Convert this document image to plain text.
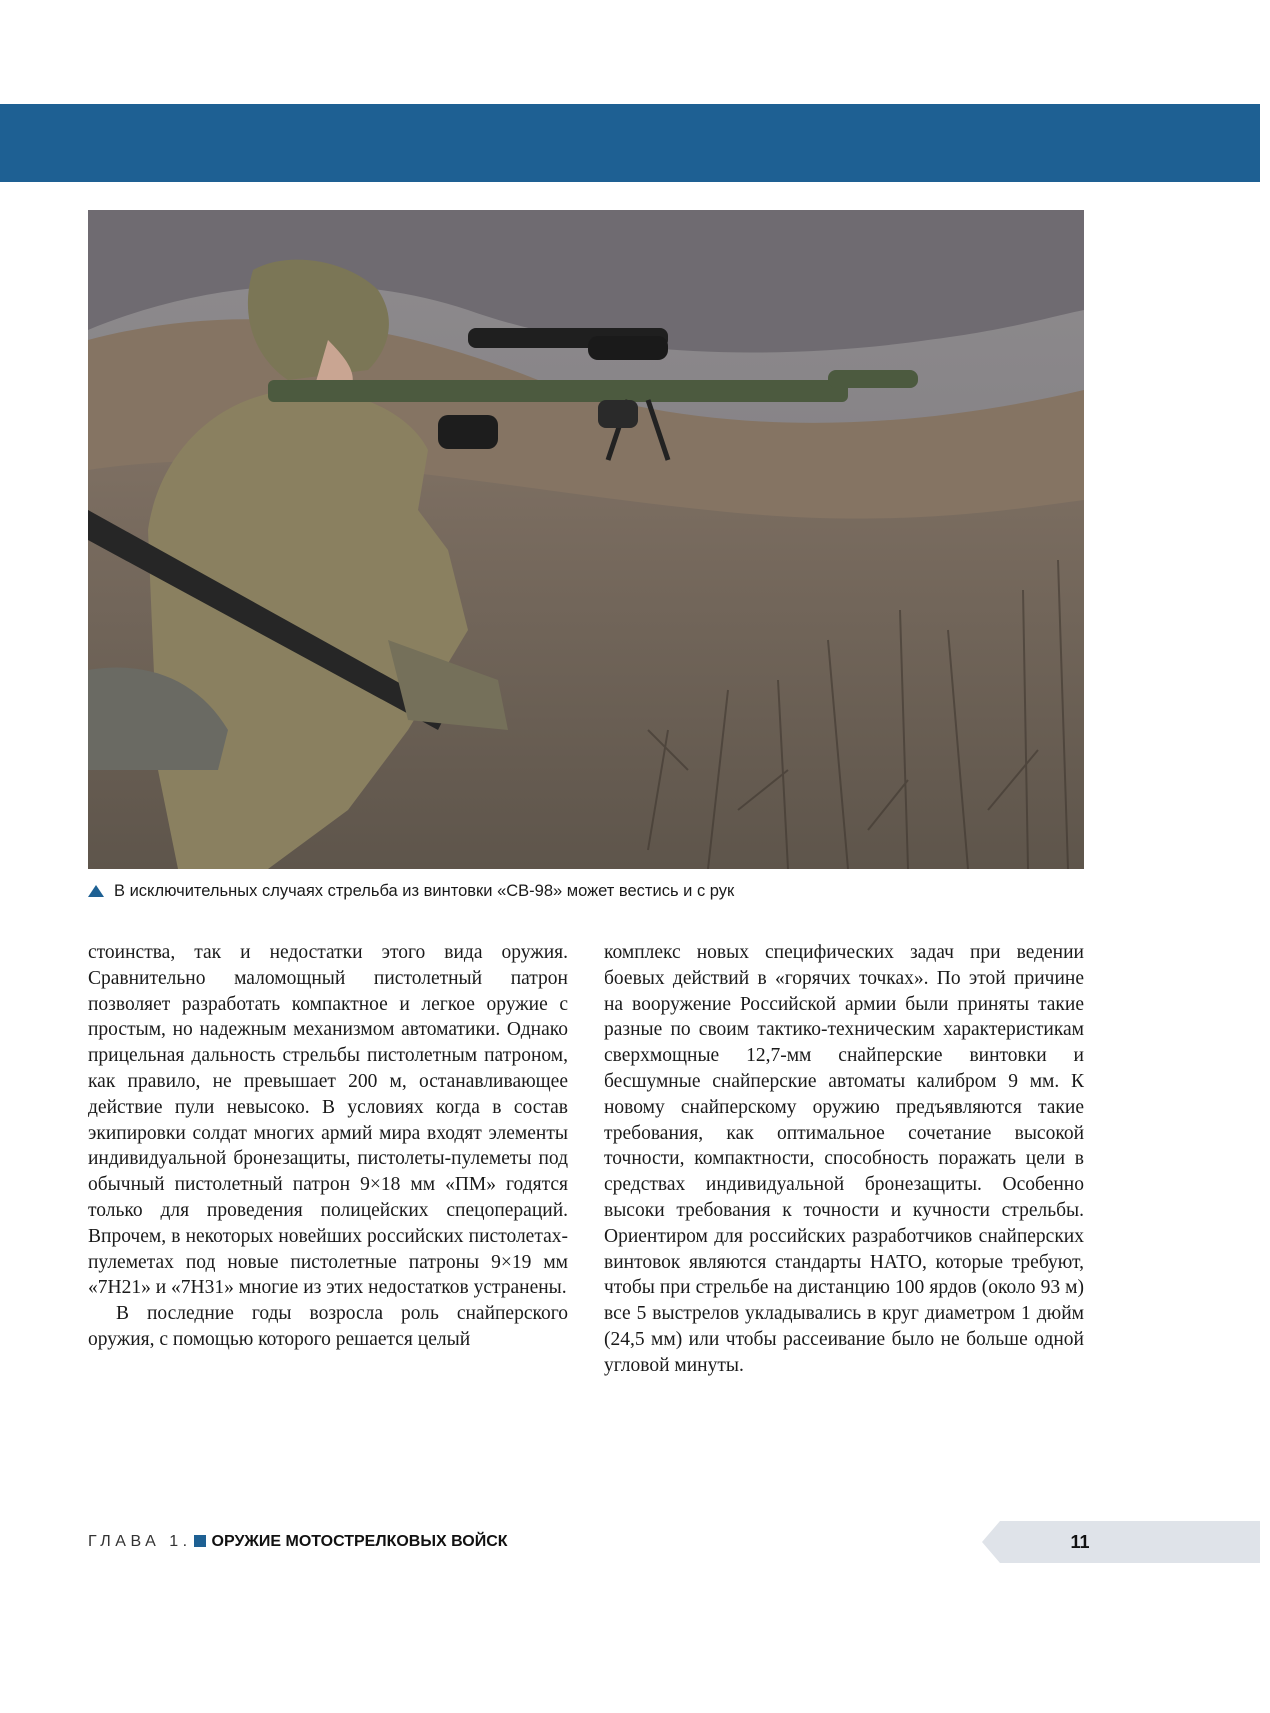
В исключительных случаях стрельба из винтовки «СВ-98» может вестись и с рук

стоинства, так и недостатки этого вида оружия. Сравнительно маломощный пистолетный патрон позволяет разработать компактное и легкое оружие с простым, но надежным механизмом автоматики. Однако прицельная дальность стрельбы пистолетным патроном, как правило, не превышает 200 м, останавливающее действие пули невысоко. В условиях когда в состав экипировки солдат многих армий мира входят элементы индивидуальной бронезащиты, пистолеты-пулеметы под обычный пистолетный патрон 9×18 мм «ПМ» годятся только для проведения полицейских спецопераций. Впрочем, в некоторых новейших российских пистолетах-пулеметах под новые пистолетные патроны 9×19 мм «7Н21» и «7Н31» многие из этих недостатков устранены.

В последние годы возросла роль снайперского оружия, с помощью которого решается целый

комплекс новых специфических задач при ведении боевых действий в «горячих точках». По этой причине на вооружение Российской армии были приняты такие разные по своим тактико-техническим характеристикам сверхмощные 12,7-мм снайперские винтовки и бесшумные снайперские автоматы калибром 9 мм. К новому снайперскому оружию предъявляются такие требования, как оптимальное сочетание высокой точности, компактности, способность поражать цели в средствах индивидуальной бронезащиты. Особенно высоки требования к точности и кучности стрельбы. Ориентиром для российских разработчиков снайперских винтовок являются стандарты НАТО, которые требуют, чтобы при стрельбе на дистанцию 100 ярдов (около 93 м) все 5 выстрелов укладывались в круг диаметром 1 дюйм (24,5 мм) или чтобы рассеивание было не больше одной угловой минуты.

ГЛАВА 1. ОРУЖИЕ МОТОСТРЕЛКОВЫХ ВОЙСК	11
